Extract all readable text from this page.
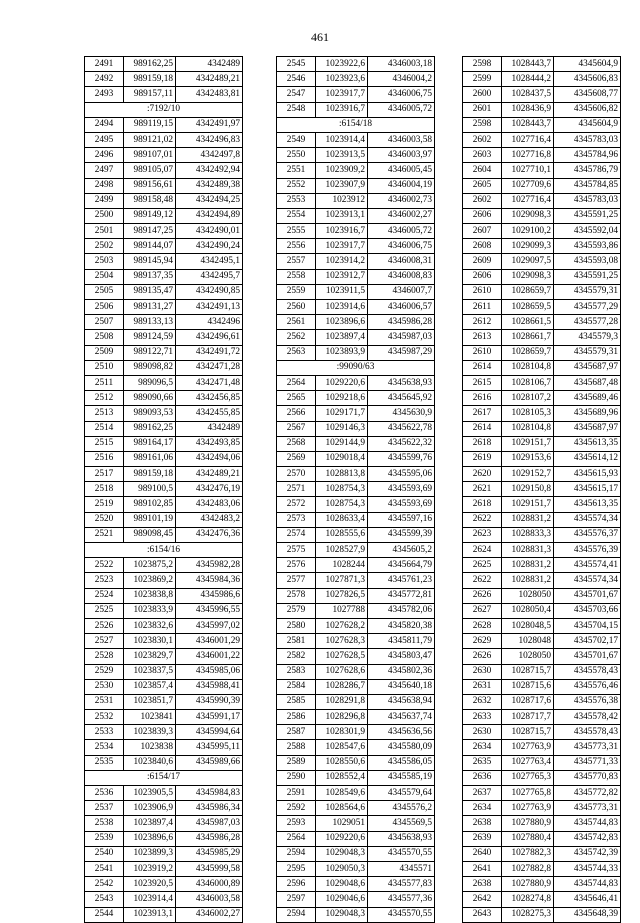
461
2491	989162,25	4342489
2492	989159,18	4342489,21
2493	989157,11	4342483,81
:7192/10		
2494	989119,15	4342491,97
2495	989121,02	4342496,83
2496	989107,01	4342497,8
2497	989105,07	4342492,94
2498	989156,61	4342489,38
2499	989158,48	4342494,25
2500	989149,12	4342494,89
2501	989147,25	4342490,01
2502	989144,07	4342490,24
2503	989145,94	4342495,1
2504	989137,35	4342495,7
2505	989135,47	4342490,85
2506	989131,27	4342491,13
2507	989133,13	4342496
2508	989124,59	4342496,61
2509	989122,71	4342491,72
2510	989098,82	4342471,28
2511	989096,5	4342471,48
2512	989090,66	4342456,85
2513	989093,53	4342455,85
2514	989162,25	4342489
2515	989164,17	4342493,85
2516	989161,06	4342494,06
2517	989159,18	4342489,21
2518	989100,5	4342476,19
2519	989102,85	4342483,06
2520	989101,19	4342483,2
2521	989098,45	4342476,36
:6154/16		
2522	1023875,2	4345982,28
2523	1023869,2	4345984,36
2524	1023838,8	4345986,6
2525	1023833,9	4345996,55
2526	1023832,6	4345997,02
2527	1023830,1	4346001,29
2528	1023829,7	4346001,22
2529	1023837,5	4345985,06
2530	1023857,4	4345988,41
2531	1023851,7	4345990,39
2532	1023841	4345991,17
2533	1023839,3	4345994,64
2534	1023838	4345995,11
2535	1023840,6	4345989,66
:6154/17		
2536	1023905,5	4345984,83
2537	1023906,9	4345986,34
2538	1023897,4	4345987,03
2539	1023896,6	4345986,28
2540	1023899,3	4345985,29
2541	1023919,2	4345999,58
2542	1023920,5	4346000,89
2543	1023914,4	4346003,58
2544	1023913,1	4346002,27
2545	1023922,6	4346003,18
2546	1023923,6	4346004,2
2547	1023917,7	4346006,75
2548	1023916,7	4346005,72
:6154/18		
2549	1023914,4	4346003,58
2550	1023913,5	4346003,97
2551	1023909,2	4346005,45
2552	1023907,9	4346004,19
2553	1023912	4346002,73
2554	1023913,1	4346002,27
2555	1023916,7	4346005,72
2556	1023917,7	4346006,75
2557	1023914,2	4346008,31
2558	1023912,7	4346008,83
2559	1023911,5	4346007,7
2560	1023914,6	4346006,57
2561	1023896,6	4345986,28
2562	1023897,4	4345987,03
2563	1023893,9	4345987,29
:99090/63		
2564	1029220,6	4345638,93
2565	1029218,6	4345645,92
2566	1029171,7	4345630,9
2567	1029146,3	4345622,78
2568	1029144,9	4345622,32
2569	1029018,4	4345599,76
2570	1028813,8	4345595,06
2571	1028754,3	4345593,69
2572	1028754,3	4345593,69
2573	1028633,4	4345597,16
2574	1028555,6	4345599,39
2575	1028527,9	4345605,2
2576	1028244	4345664,79
2577	1027871,3	4345761,23
2578	1027826,5	4345772,81
2579	1027788	4345782,06
2580	1027628,2	4345820,38
2581	1027628,3	4345811,79
2582	1027628,5	4345803,47
2583	1027628,6	4345802,36
2584	1028286,7	4345640,18
2585	1028291,8	4345638,94
2586	1028296,8	4345637,74
2587	1028301,9	4345636,56
2588	1028547,6	4345580,09
2589	1028550,6	4345586,05
2590	1028552,4	4345585,19
2591	1028549,6	4345579,64
2592	1028564,6	4345576,2
2593	1029051	4345569,5
2564	1029220,6	4345638,93
2594	1029048,3	4345570,55
2595	1029050,3	4345571
2596	1029048,6	4345577,83
2597	1029046,6	4345577,36
2594	1029048,3	4345570,55
2598	1028443,7	4345604,9
2599	1028444,2	4345606,83
2600	1028437,5	4345608,77
2601	1028436,9	4345606,82
2598	1028443,7	4345604,9
2602	1027716,4	4345783,03
2603	1027716,8	4345784,96
2604	1027710,1	4345786,79
2605	1027709,6	4345784,85
2602	1027716,4	4345783,03
2606	1029098,3	4345591,25
2607	1029100,2	4345592,04
2608	1029099,3	4345593,86
2609	1029097,5	4345593,08
2606	1029098,3	4345591,25
2610	1028659,7	4345579,31
2611	1028659,5	4345577,29
2612	1028661,5	4345577,28
2613	1028661,7	4345579,3
2610	1028659,7	4345579,31
2614	1028104,8	4345687,97
2615	1028106,7	4345687,48
2616	1028107,2	4345689,46
2617	1028105,3	4345689,96
2614	1028104,8	4345687,97
2618	1029151,7	4345613,35
2619	1029153,6	4345614,12
2620	1029152,7	4345615,93
2621	1029150,8	4345615,17
2618	1029151,7	4345613,35
2622	1028831,2	4345574,34
2623	1028833,3	4345576,37
2624	1028831,3	4345576,39
2625	1028831,2	4345574,41
2622	1028831,2	4345574,34
2626	1028050	4345701,67
2627	1028050,4	4345703,66
2628	1028048,5	4345704,15
2629	1028048	4345702,17
2626	1028050	4345701,67
2630	1028715,7	4345578,43
2631	1028715,6	4345576,46
2632	1028717,6	4345576,38
2633	1028717,7	4345578,42
2630	1028715,7	4345578,43
2634	1027763,9	4345773,31
2635	1027763,4	4345771,33
2636	1027765,3	4345770,83
2637	1027765,8	4345772,82
2634	1027763,9	4345773,31
2638	1027880,9	4345744,83
2639	1027880,4	4345742,83
2640	1027882,3	4345742,39
2641	1027882,8	4345744,33
2638	1027880,9	4345744,83
2642	1028274,8	4345646,41
2643	1028275,3	4345648,39
